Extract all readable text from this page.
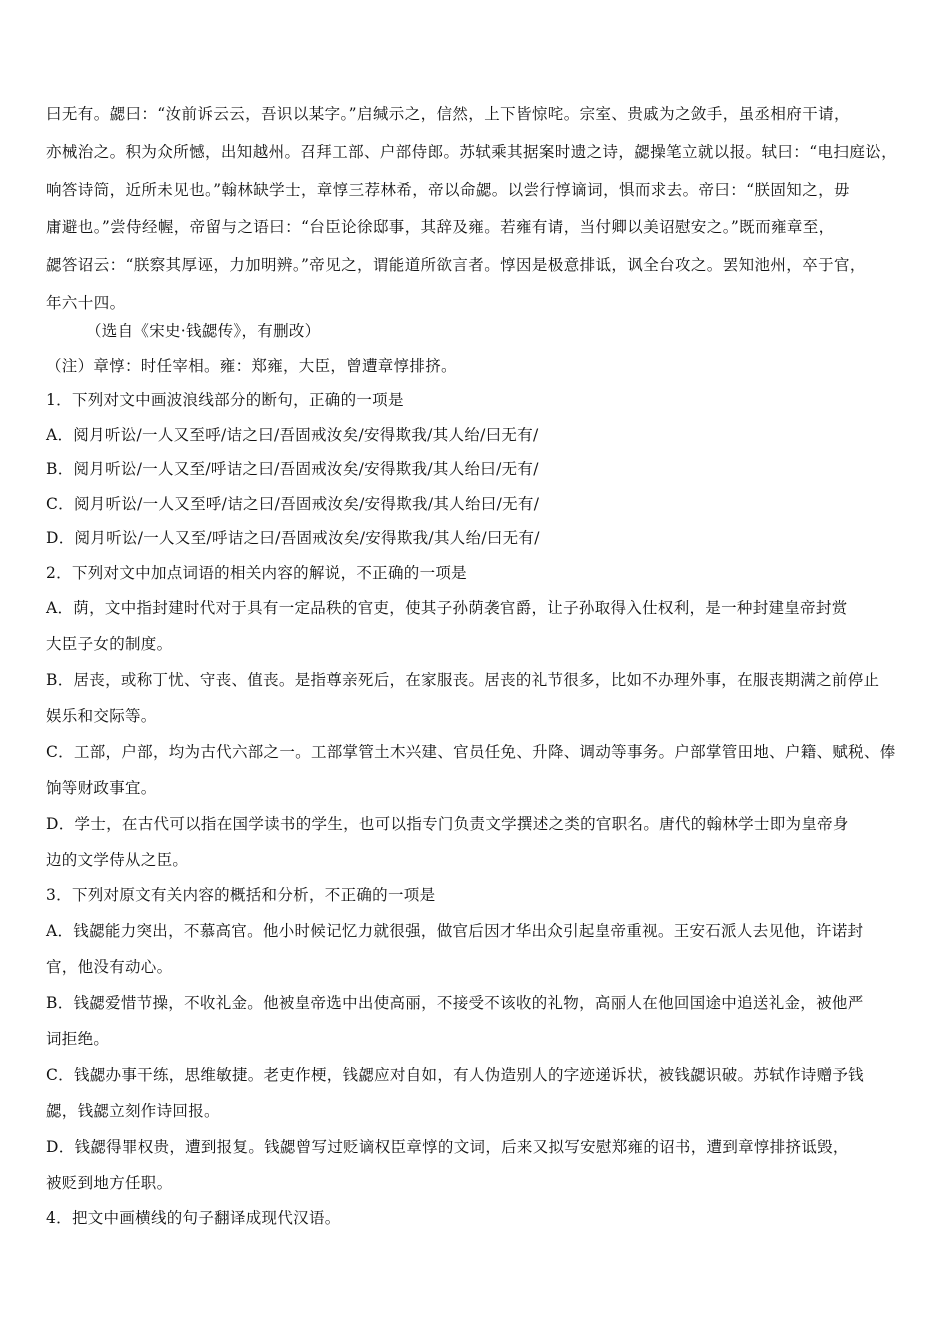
曰无有。勰曰：“汝前诉云云，吾识以某字。”启缄示之，信然，上下皆惊咤。宗室、贵戚为之敛手，虽丞相府干请，
亦械治之。积为众所憾，出知越州。召拜工部、户部侍郎。苏轼乘其据案时遗之诗，勰操笔立就以报。轼曰：“电扫庭讼，
响答诗筒，近所未见也。”翰林缺学士，章惇三荐林希，帝以命勰。以尝行惇谪词，惧而求去。帝曰：“朕固知之，毋
庸避也。”尝侍经幄，帝留与之语曰：“台臣论徐邸事，其辞及雍。若雍有请，当付卿以美诏慰安之。”既而雍章至，
勰答诏云：“朕察其厚诬，力加明辨。”帝见之，谓能道所欲言者。惇因是极意排诋，讽全台攻之。罢知池州，卒于官，
年六十四。
（选自《宋史·钱勰传》，有删改）
（注）章惇：时任宰相。雍：郑雍，大臣，曾遭章惇排挤。
1．下列对文中画波浪线部分的断句，正确的一项是
A．阅月听讼/一人又至呼/诘之曰/吾固戒汝矣/安得欺我/其人绐/曰无有/
B．阅月听讼/一人又至/呼诘之曰/吾固戒汝矣/安得欺我/其人绐曰/无有/
C．阅月听讼/一人又至呼/诘之曰/吾固戒汝矣/安得欺我/其人绐曰/无有/
D．阅月听讼/一人又至/呼诘之曰/吾固戒汝矣/安得欺我/其人绐/曰无有/
2．下列对文中加点词语的相关内容的解说，不正确的一项是
A．荫，文中指封建时代对于具有一定品秩的官吏，使其子孙荫袭官爵，让子孙取得入仕权利，是一种封建皇帝封赏
大臣子女的制度。
B．居丧，或称丁忧、守丧、值丧。是指尊亲死后，在家服丧。居丧的礼节很多，比如不办理外事，在服丧期满之前停止
娱乐和交际等。
C．工部，户部，均为古代六部之一。工部掌管土木兴建、官员任免、升降、调动等事务。户部掌管田地、户籍、赋税、俸
饷等财政事宜。
D．学士，在古代可以指在国学读书的学生，也可以指专门负责文学撰述之类的官职名。唐代的翰林学士即为皇帝身
边的文学侍从之臣。
3．下列对原文有关内容的概括和分析，不正确的一项是
A．钱勰能力突出，不慕高官。他小时候记忆力就很强，做官后因才华出众引起皇帝重视。王安石派人去见他，许诺封
官，他没有动心。
B．钱勰爱惜节操，不收礼金。他被皇帝选中出使高丽，不接受不该收的礼物，高丽人在他回国途中追送礼金，被他严
词拒绝。
C．钱勰办事干练，思维敏捷。老吏作梗，钱勰应对自如，有人伪造别人的字迹递诉状，被钱勰识破。苏轼作诗赠予钱
勰，钱勰立刻作诗回报。
D．钱勰得罪权贵，遭到报复。钱勰曾写过贬谪权臣章惇的文词，后来又拟写安慰郑雍的诏书，遭到章惇排挤诋毁，
被贬到地方任职。
4．把文中画横线的句子翻译成现代汉语。
